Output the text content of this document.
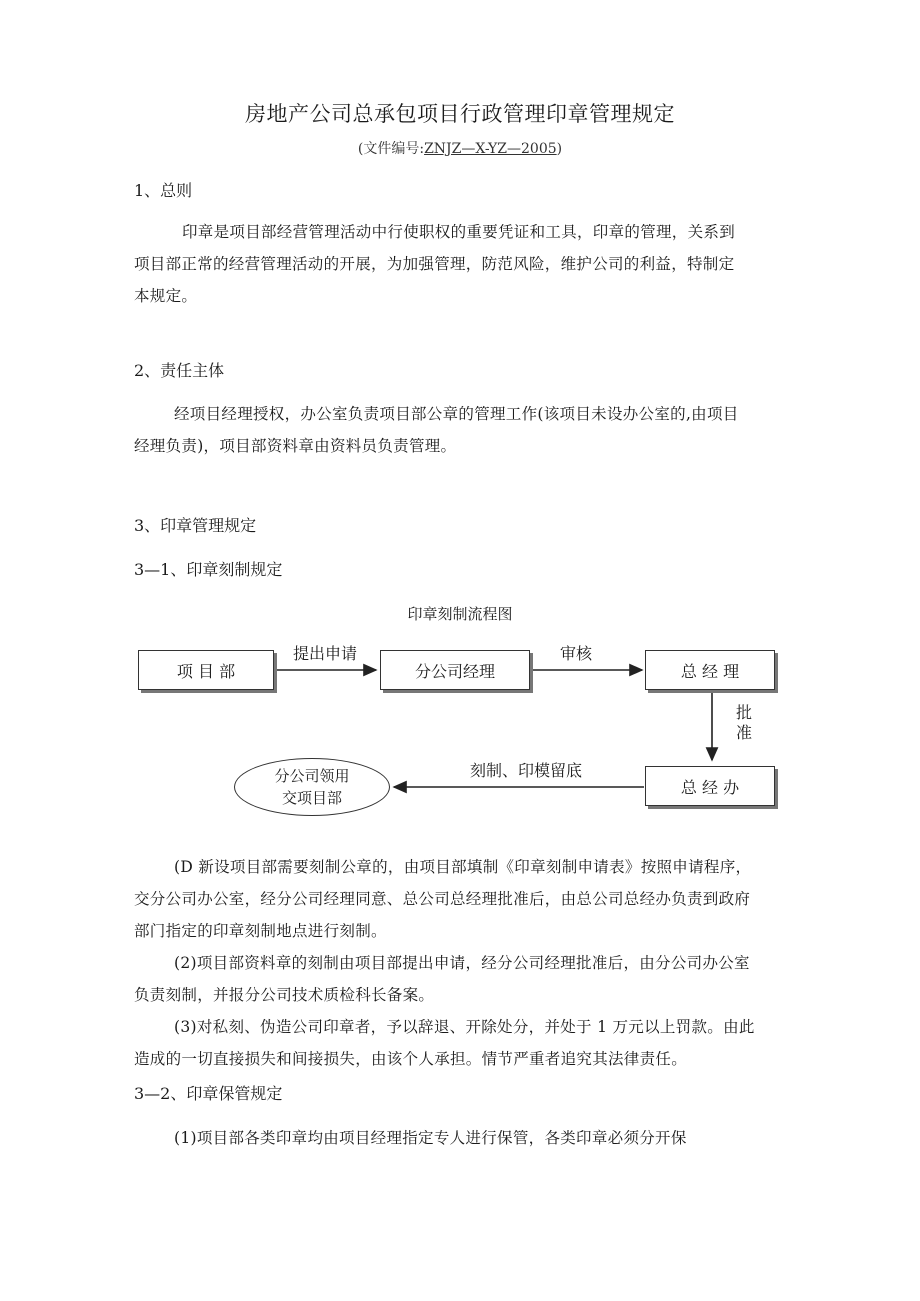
房地产公司总承包项目行政管理印章管理规定
(文件编号:ZNJZ—X-YZ—2005)
1、总则
印章是项目部经营管理活动中行使职权的重要凭证和工具，印章的管理，关系到
项目部正常的经营管理活动的开展，为加强管理，防范风险，维护公司的利益，特制定
本规定。
2、责任主体
经项目经理授权，办公室负责项目部公章的管理工作(该项目未设办公室的,由项目
经理负责)，项目部资料章由资料员负责管理。
3、印章管理规定
3—1、印章刻制规定
印章刻制流程图
项 目 部	分公司经理	总 经 理
总 经 办
分公司领用
交项目部
提出申请	审核
批
准
刻制、印模留底
(D 新设项目部需要刻制公章的，由项目部填制《印章刻制申请表》按照申请程序，
交分公司办公室，经分公司经理同意、总公司总经理批准后，由总公司总经办负责到政府
部门指定的印章刻制地点进行刻制。
(2)项目部资料章的刻制由项目部提出申请，经分公司经理批准后，由分公司办公室
负责刻制，并报分公司技术质检科长备案。
(3)对私刻、伪造公司印章者，予以辞退、开除处分，并处于 1 万元以上罚款。由此
造成的一切直接损失和间接损失，由该个人承担。情节严重者追究其法律责任。
3—2、印章保管规定
(1)项目部各类印章均由项目经理指定专人进行保管，各类印章必须分开保
